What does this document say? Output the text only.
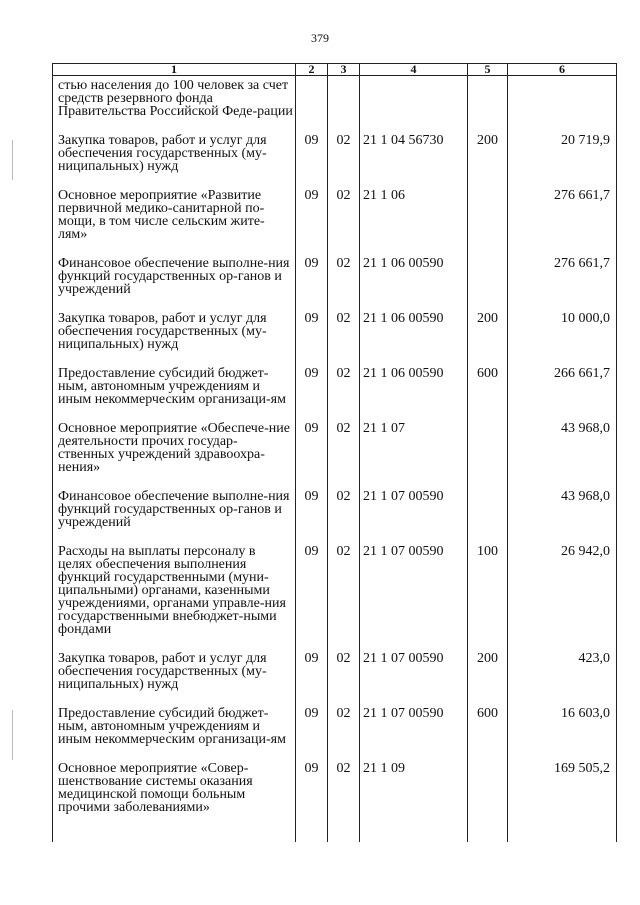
379
1	2	3	4	5	6
стью населения до 100 человек за счет средств резервного фонда Правительства Российской Феде-рации					
Закупка товаров, работ и услуг для обеспечения государственных (му-ниципальных) нужд	09	02	21 1 04 56730	200	20 719,9
Основное мероприятие «Развитие первичной медико-санитарной по-мощи, в том числе сельским жите-лям»	09	02	21 1 06		276 661,7
Финансовое обеспечение выполне-ния функций государственных ор-ганов и учреждений	09	02	21 1 06 00590		276 661,7
Закупка товаров, работ и услуг для обеспечения государственных (му-ниципальных) нужд	09	02	21 1 06 00590	200	10 000,0
Предоставление субсидий бюджет-ным, автономным учреждениям и иным некоммерческим организаци-ям	09	02	21 1 06 00590	600	266 661,7
Основное мероприятие «Обеспече-ние деятельности прочих государ-ственных учреждений здравоохра-нения»	09	02	21 1 07		43 968,0
Финансовое обеспечение выполне-ния функций государственных ор-ганов и учреждений	09	02	21 1 07 00590		43 968,0
Расходы на выплаты персоналу в целях обеспечения выполнения функций государственными (муни-ципальными) органами, казенными учреждениями, органами управле-ния государственными внебюджет-ными фондами	09	02	21 1 07 00590	100	26 942,0
Закупка товаров, работ и услуг для обеспечения государственных (му-ниципальных) нужд	09	02	21 1 07 00590	200	423,0
Предоставление субсидий бюджет-ным, автономным учреждениям и иным некоммерческим организаци-ям	09	02	21 1 07 00590	600	16 603,0
Основное мероприятие «Совер-шенствование системы оказания медицинской помощи больным прочими заболеваниями»	09	02	21 1 09		169 505,2
